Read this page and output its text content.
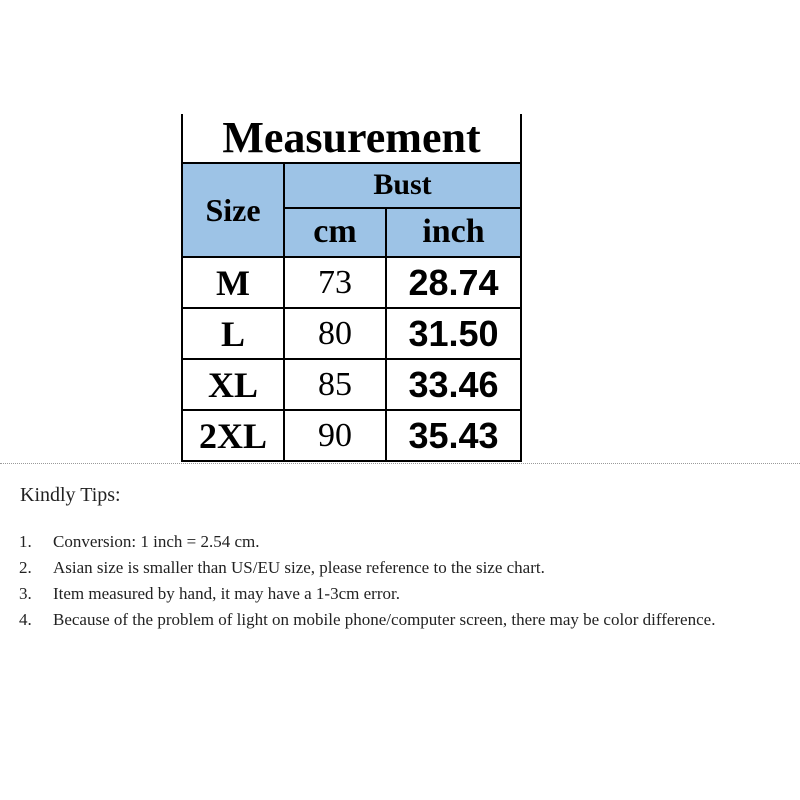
Measurement		
Size	Bust	
	cm	inch
M	73	28.74
L	80	31.50
XL	85	33.46
2XL	90	35.43
Kindly Tips:
1.	Conversion: 1 inch = 2.54 cm.
2.	Asian size is smaller than US/EU size, please reference to the size chart.
3.	Item measured by hand, it may have a 1-3cm error.
4.	Because of the problem of light on mobile phone/computer screen, there may be color difference.
